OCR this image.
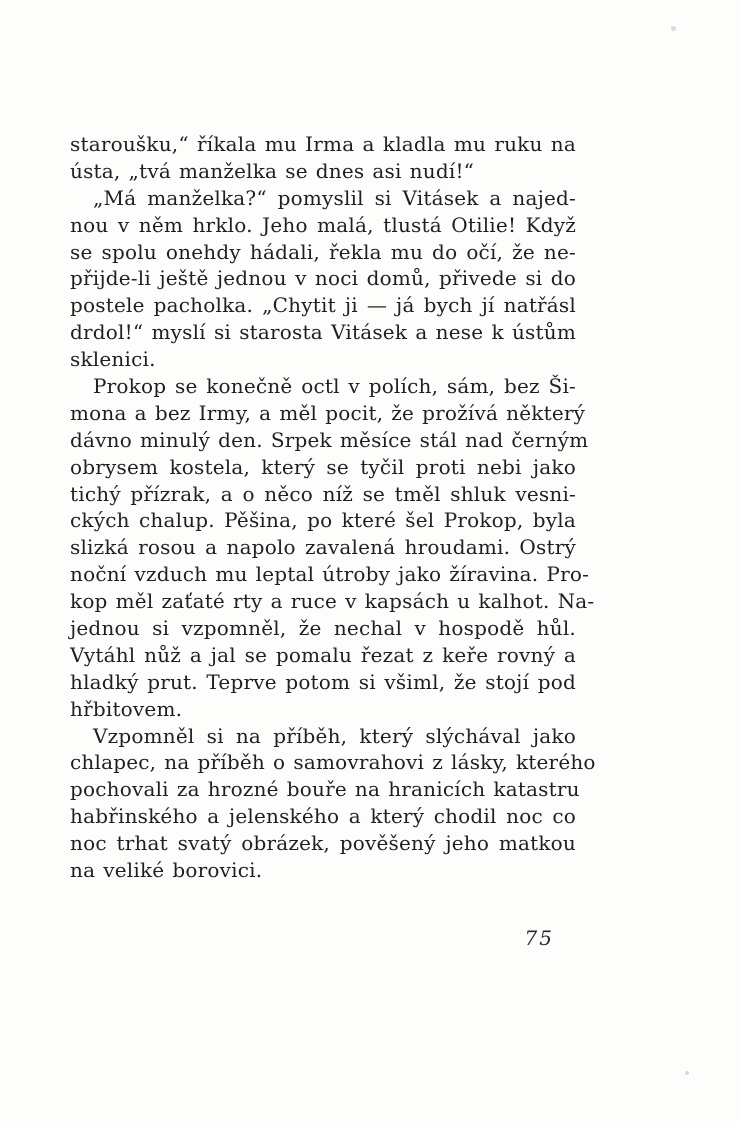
staroušku,“ říkala mu Irma a kladla mu ruku na
ústa, „tvá manželka se dnes asi nudí!“
„Má manželka?“ pomyslil si Vitásek a najed-
nou v něm hrklo. Jeho malá, tlustá Otilie! Když
se spolu onehdy hádali, řekla mu do očí, že ne-
přijde-li ještě jednou v noci domů, přivede si do
postele pacholka. „Chytit ji — já bych jí natřásl
drdol!“ myslí si starosta Vitásek a nese k ústům
sklenici.
Prokop se konečně octl v polích, sám, bez Ši-
mona a bez Irmy, a měl pocit, že prožívá některý
dávno minulý den. Srpek měsíce stál nad černým
obrysem kostela, který se tyčil proti nebi jako
tichý přízrak, a o něco níž se tměl shluk vesni-
ckých chalup. Pěšina, po které šel Prokop, byla
slizká rosou a napolo zavalená hroudami. Ostrý
noční vzduch mu leptal útroby jako žíravina. Pro-
kop měl zaťaté rty a ruce v kapsách u kalhot. Na-
jednou si vzpomněl, že nechal v hospodě hůl.
Vytáhl nůž a jal se pomalu řezat z keře rovný a
hladký prut. Teprve potom si všiml, že stojí pod
hřbitovem.
Vzpomněl si na příběh, který slýchával jako
chlapec, na příběh o samovrahovi z lásky, kterého
pochovali za hrozné bouře na hranicích katastru
habřinského a jelenského a který chodil noc co
noc trhat svatý obrázek, pověšený jeho matkou
na veliké borovici.
75
